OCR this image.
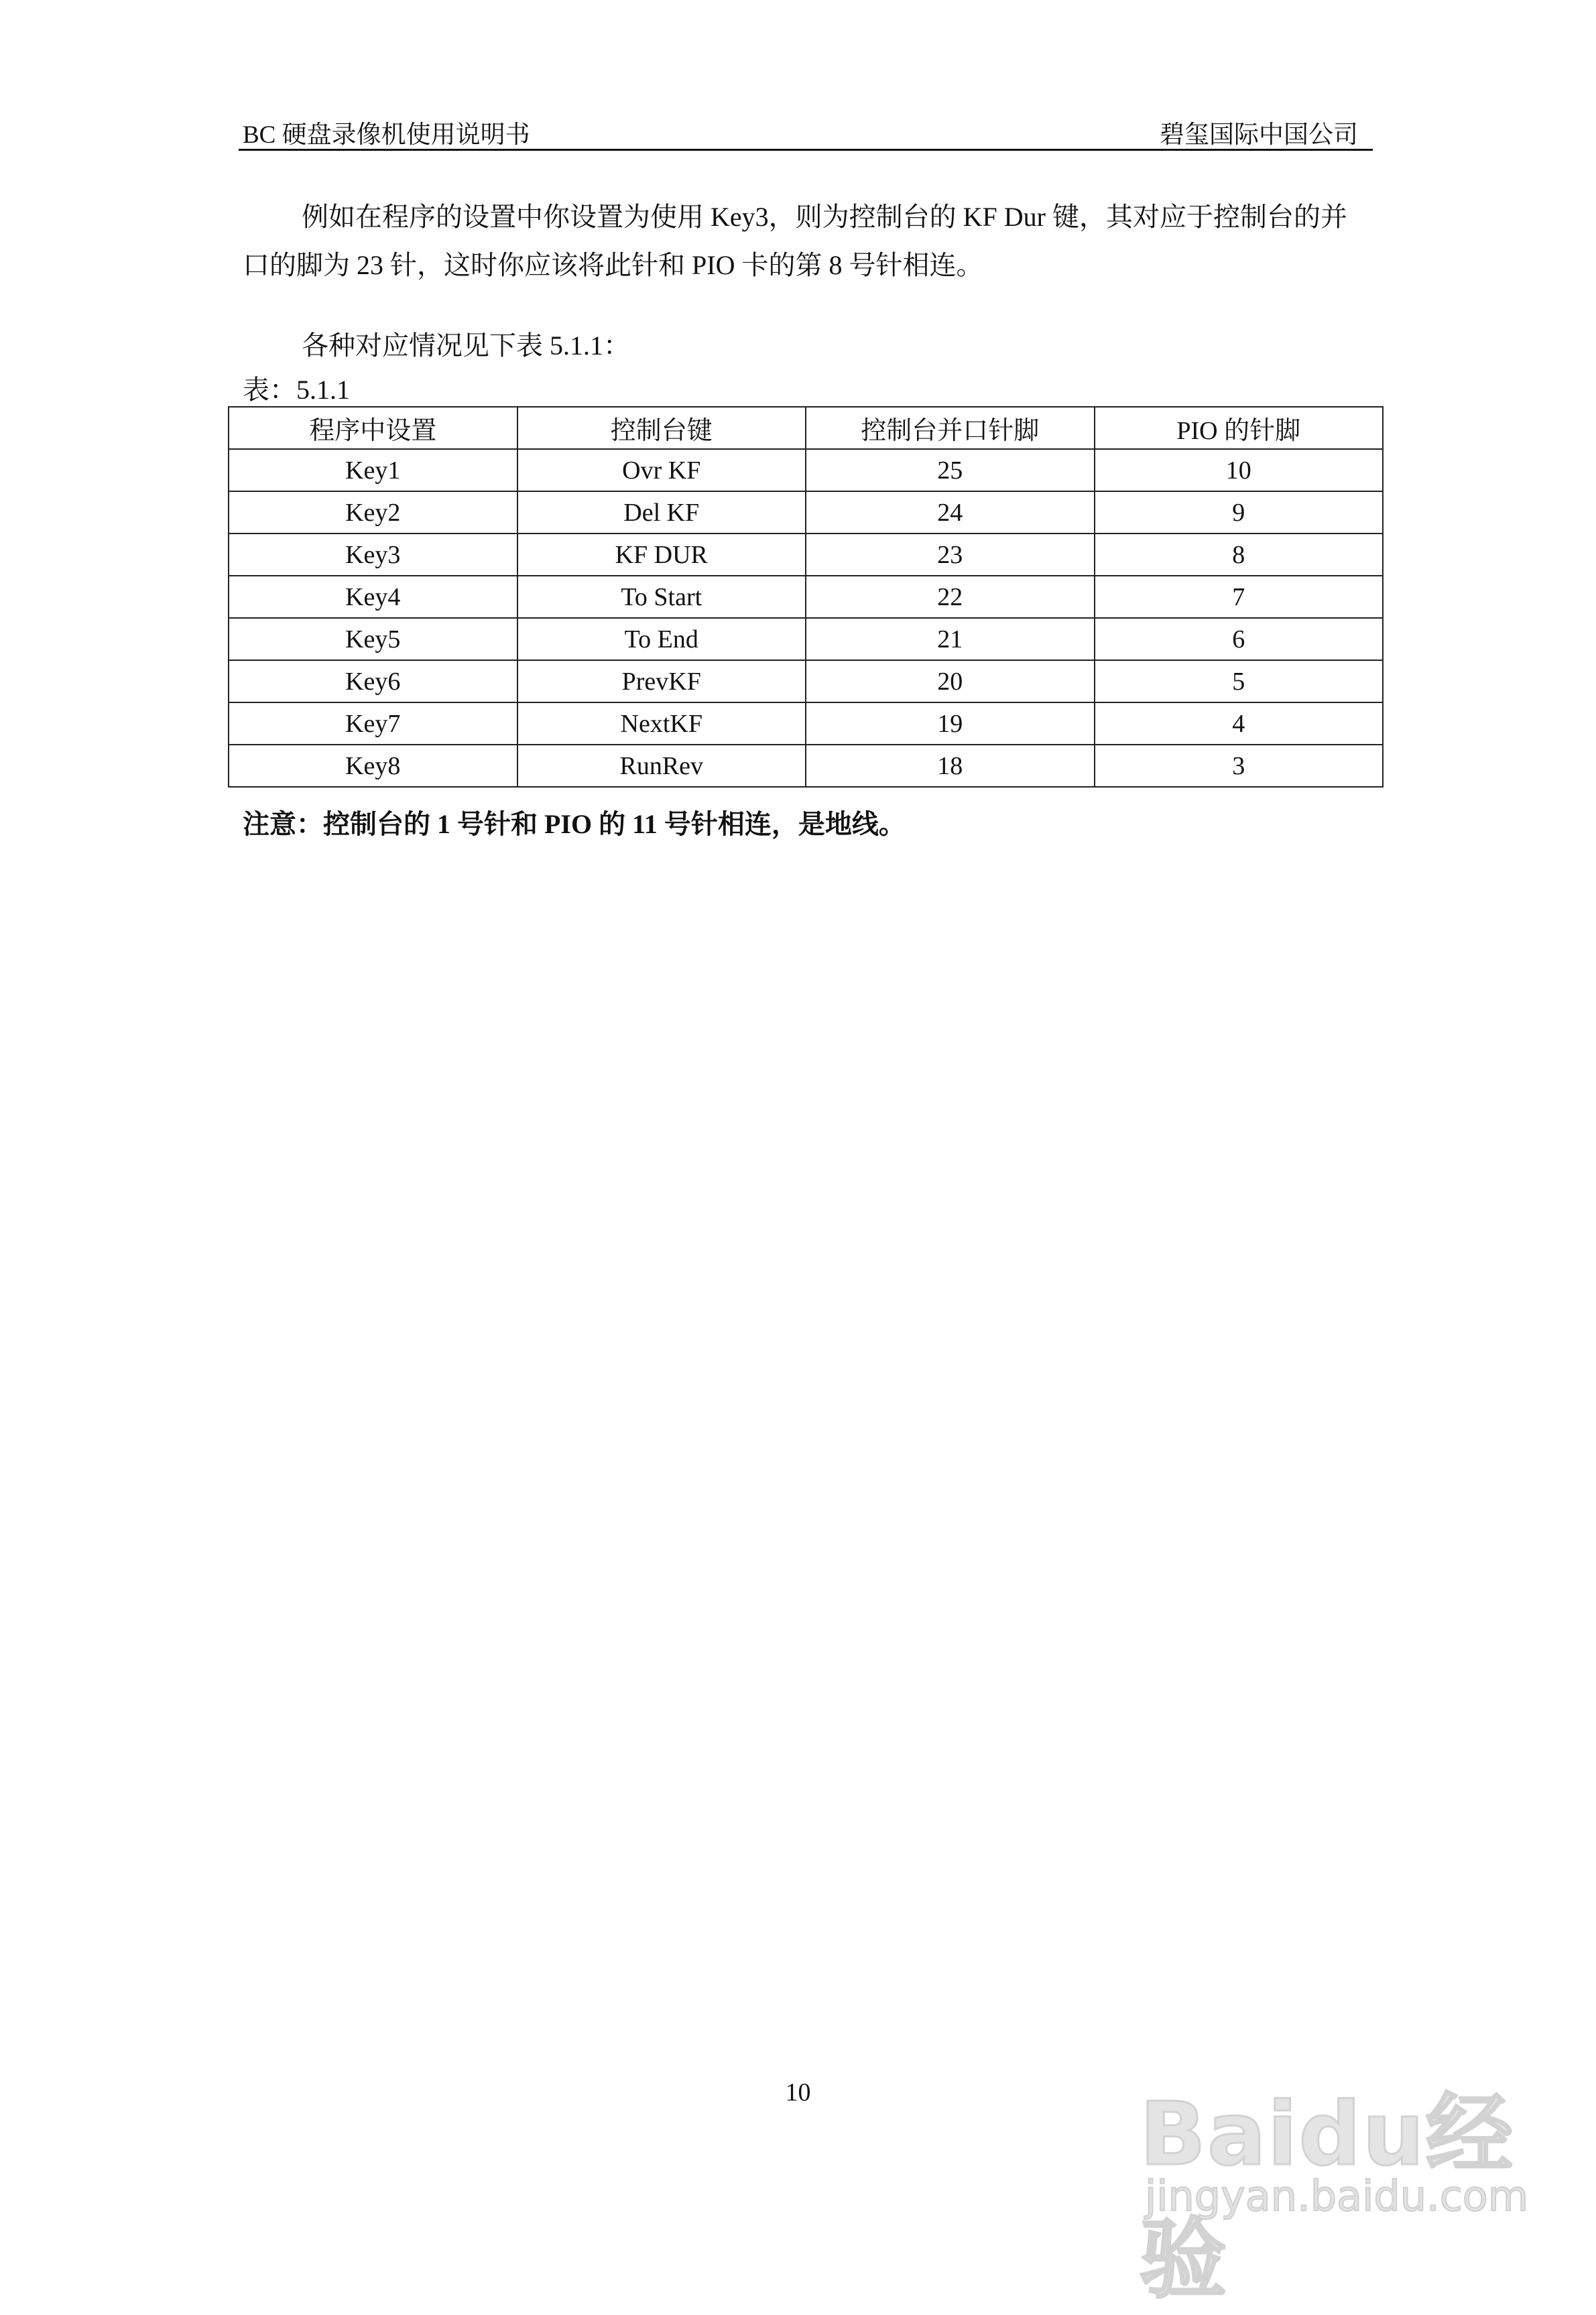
BC 硬盘录像机使用说明书	碧玺国际中国公司
例如在程序的设置中你设置为使用 Key3，则为控制台的 KF Dur 键，其对应于控制台的并口的脚为 23 针，这时你应该将此针和 PIO 卡的第 8 号针相连。
各种对应情况见下表 5.1.1：
表：5.1.1
程序中设置	控制台键	控制台并口针脚	PIO 的针脚
Key1	Ovr KF	25	10
Key2	Del KF	24	9
Key3	KF DUR	23	8
Key4	To Start	22	7
Key5	To End	21	6
Key6	PrevKF	20	5
Key7	NextKF	19	4
Key8	RunRev	18	3
注意：控制台的 1 号针和 PIO 的 11 号针相连，是地线。
10	Baidu经验
jingyan.baidu.com
